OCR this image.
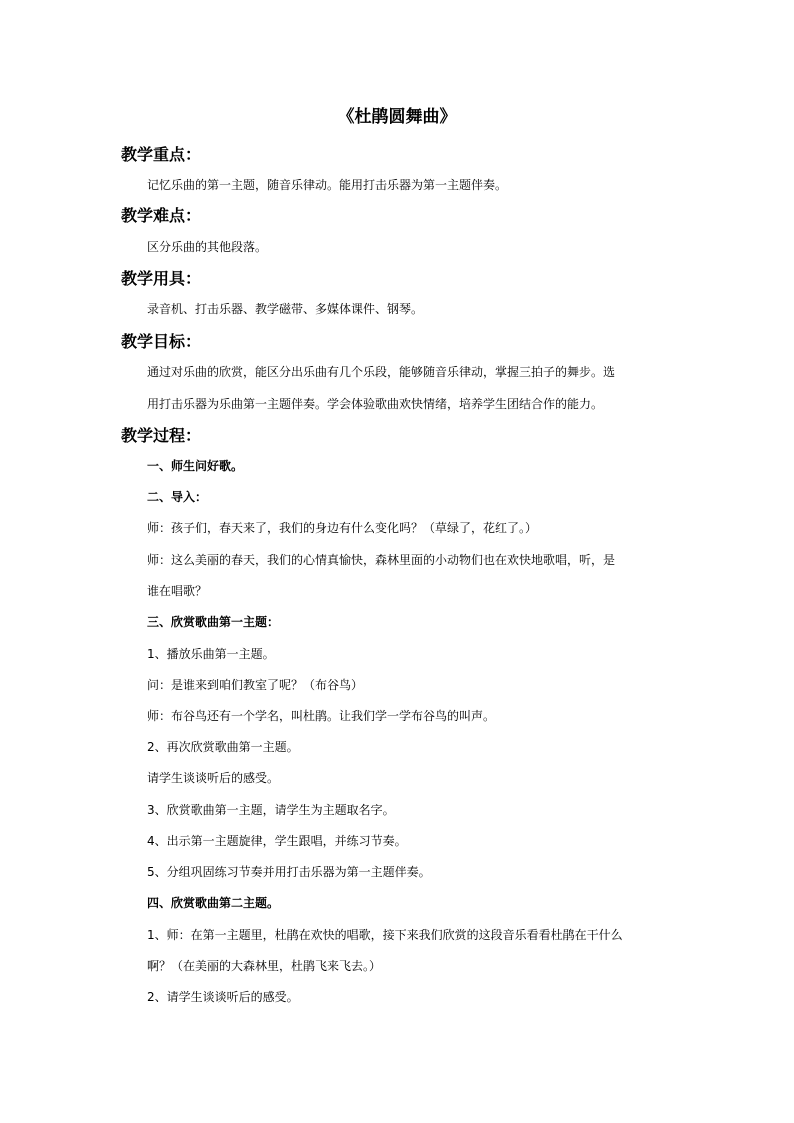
《杜鹃圆舞曲》
教学重点：
记忆乐曲的第一主题，随音乐律动。能用打击乐器为第一主题伴奏。
教学难点：
区分乐曲的其他段落。
教学用具：
录音机、打击乐器、教学磁带、多媒体课件、钢琴。
教学目标：
通过对乐曲的欣赏，能区分出乐曲有几个乐段，能够随音乐律动，掌握三拍子的舞步。选
用打击乐器为乐曲第一主题伴奏。学会体验歌曲欢快情绪，培养学生团结合作的能力。
教学过程：
一、师生问好歌。
二、导入：
师：孩子们，春天来了，我们的身边有什么变化吗？（草绿了，花红了。）
师：这么美丽的春天，我们的心情真愉快，森林里面的小动物们也在欢快地歌唱，听，是
谁在唱歌？
三、欣赏歌曲第一主题：
1、播放乐曲第一主题。
问：是谁来到咱们教室了呢？（布谷鸟）
师：布谷鸟还有一个学名，叫杜鹃。让我们学一学布谷鸟的叫声。
2、再次欣赏歌曲第一主题。
请学生谈谈听后的感受。
3、欣赏歌曲第一主题，请学生为主题取名字。
4、出示第一主题旋律，学生跟唱，并练习节奏。
5、分组巩固练习节奏并用打击乐器为第一主题伴奏。
四、欣赏歌曲第二主题。
1、师：在第一主题里，杜鹃在欢快的唱歌，接下来我们欣赏的这段音乐看看杜鹃在干什么
啊？（在美丽的大森林里，杜鹃飞来飞去。）
2、请学生谈谈听后的感受。
